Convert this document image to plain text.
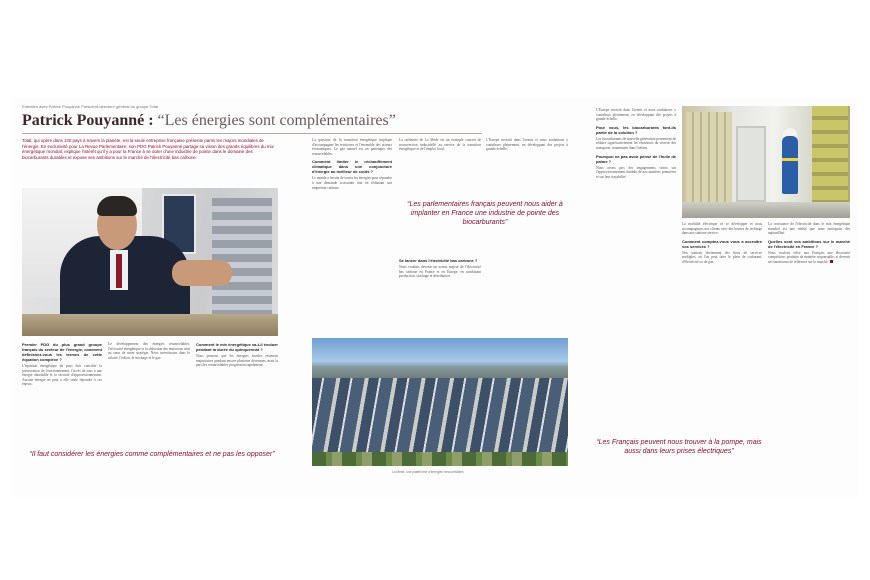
Entretien avec Patrick Pouyanné Président-directeur général du groupe Total
Patrick Pouyanné : “Les énergies sont complémentaires”
Total, qui opère dans 130 pays à travers la planète, est la seule entreprise française présente parmi les majors mondiales de l'énergie. En exclusivité pour La Revue Parlementaire, son PDG Patrick Pouyanné partage sa vision des grands équilibres du mix énergétique mondial, explique l'intérêt qu'il y a pour la France à se doter d'une industrie de pointe dans le domaine des biocarburants durables et expose ses ambitions sur le marché de l'électricité bas carbone.

Premier PDG du plus grand groupe français du secteur de l'énergie, comment définissez-vous les termes de cette équation complexe ?

L'équation énergétique du pays doit concilier la préservation de l'environnement, l'accès de tous à une énergie abordable et la sécurité d'approvisionnement. Aucune énergie ne peut à elle seule répondre à ces enjeux.

Le développement des énergies renouvelables, l'efficacité énergétique et la réduction des émissions sont au cœur de notre stratégie. Nous investissons dans le solaire, l'éolien, le stockage et le gaz.

Comment le mix énergétique va-t-il évoluer pendant la durée du quinquennat ?

Nous pensons que les énergies fossiles resteront majoritaires pendant encore plusieurs décennies, mais la part des renouvelables progressera rapidement.

“Il faut considérer les énergies comme complémentaires et ne pas les opposer”

La question de la transition énergétique implique d'accompagner les territoires et l'ensemble des acteurs économiques. Le gaz naturel est un partenaire des renouvelables.

Comment limiter le réchauffement climatique dans une conjoncture d'énergie au meilleur de coûts ?

Le monde a besoin de toutes les énergies pour répondre à une demande croissante tout en réduisant son empreinte carbone.

La raffinerie de La Mède est un exemple concret de reconversion industrielle au service de la transition énergétique et de l'emploi local.

“Les parlementaires français peuvent nous aider à implanter en France une industrie de pointe des biocarburants”

Se lancer dans l'électricité bas carbone ?

Nous voulons devenir un acteur majeur de l'électricité bas carbone en France et en Europe, en combinant production, stockage et distribution.

L'Europe investit dans l'avenir et nous souhaitons y contribuer pleinement, en développant des projets à grande échelle.

La Mède, une plateforme d'énergies renouvelables

L'Europe investit dans l'avenir et nous souhaitons y contribuer pleinement, en développant des projets à grande échelle.

Pour vous, les biocarburants font-ils partie de la solution ?

Les biocarburants de nouvelle génération permettent de réduire significativement les émissions du secteur des transports, notamment dans l'aérien.

Pourquoi ne pas avoir pensé de l'huile de palme ?

Nous avons pris des engagements stricts sur l'approvisionnement durable de nos matières premières et sur leur traçabilité.

La mobilité électrique va se développer et nous accompagnons nos clients avec des bornes de recharge dans nos stations-service.

Comment comptez-vous vous a accroître vos services ?

Nos stations deviennent des lieux de services multiples, où l'on peut faire le plein de carburant, d'électricité ou de gaz.

La croissance de l'électricité dans le mix énergétique mondial est une réalité que nous anticipons dès aujourd'hui.

Quelles sont vos ambitions sur le marché de l'électricité en France ?

Nous voulons offrir aux Français une électricité compétitive, produite de manière responsable, et devenir un fournisseur de référence sur le marché.

“Les Français peuvent nous trouver à la pompe, mais aussi dans leurs prises électriques”
